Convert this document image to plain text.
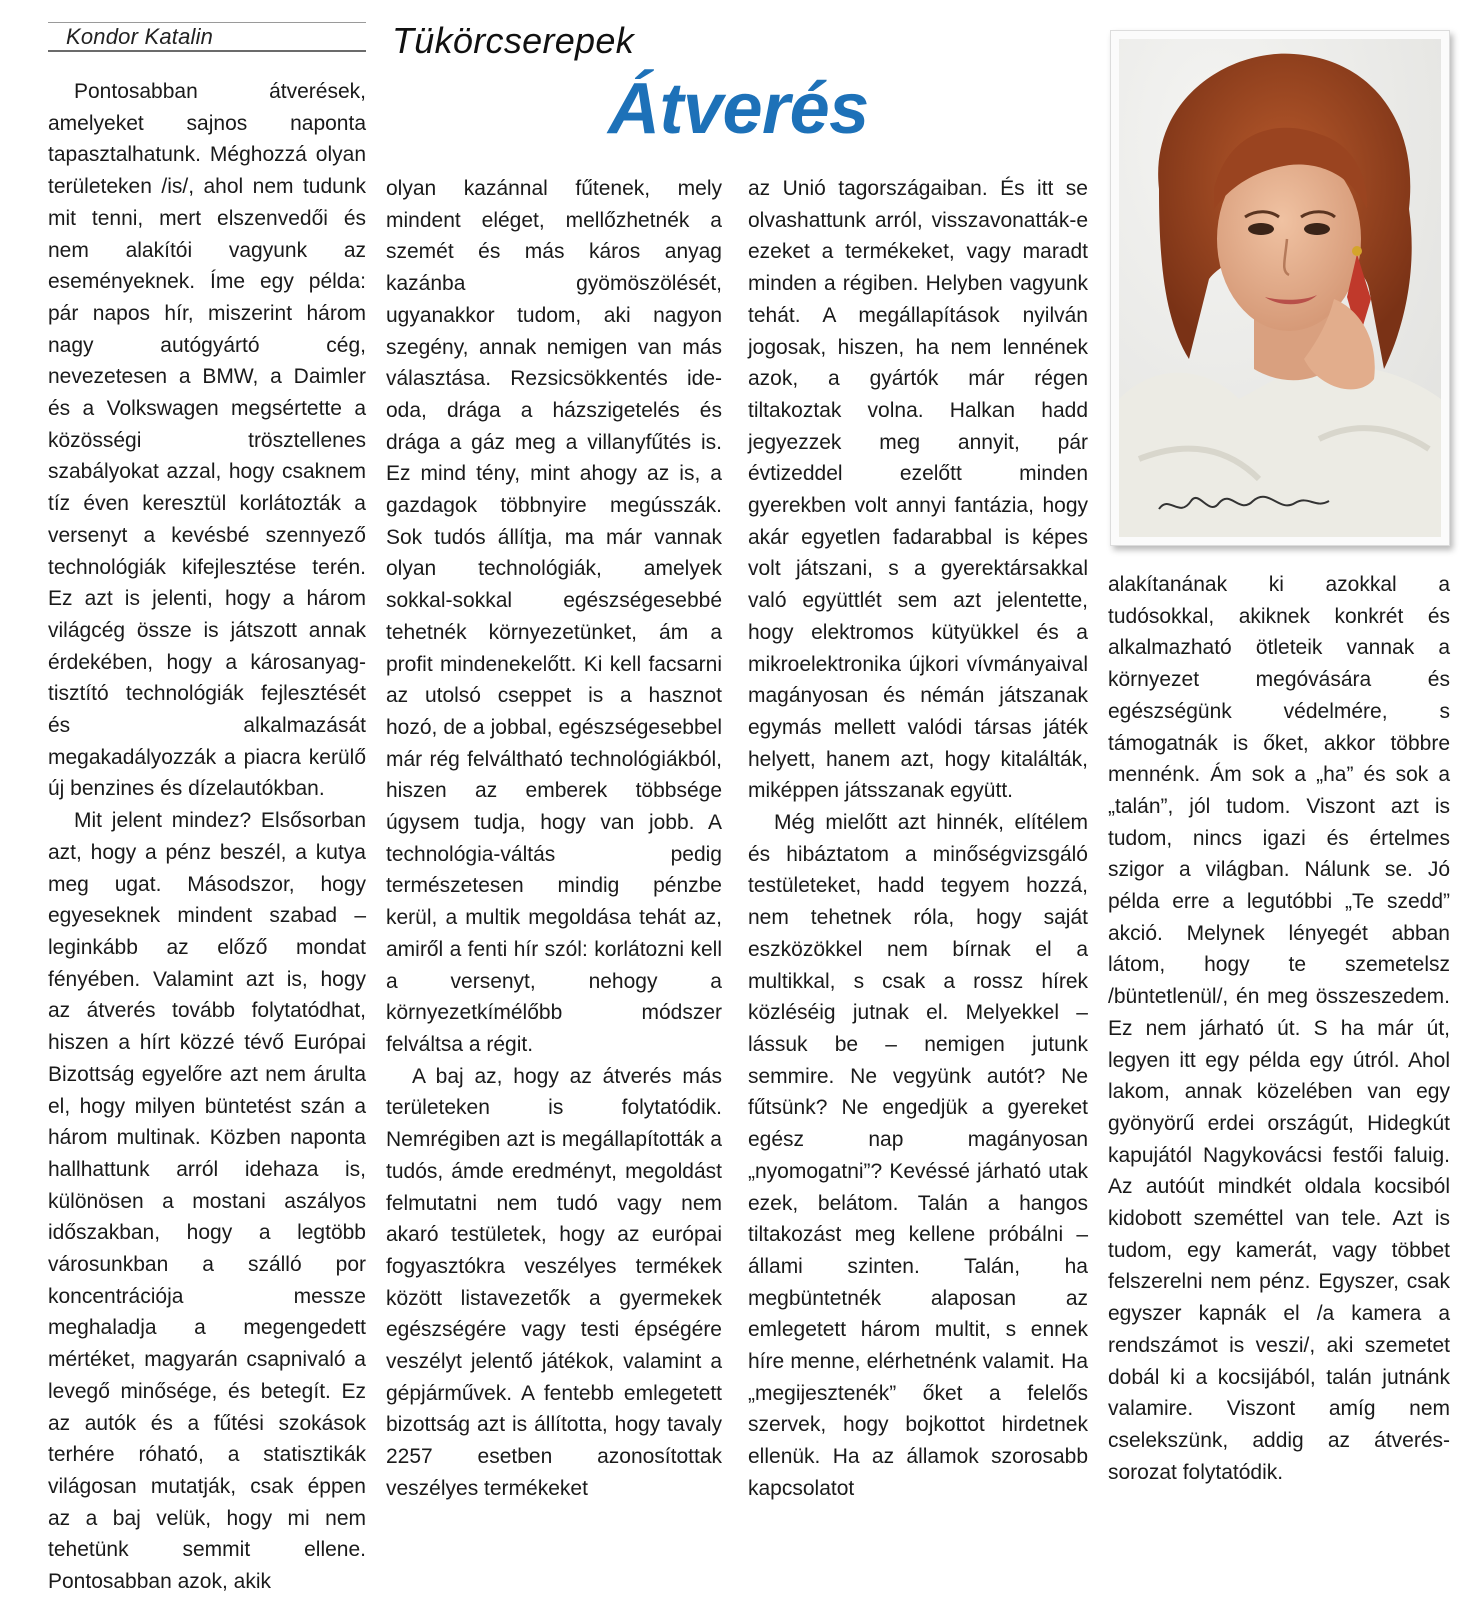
Kondor Katalin	Tükörcserepek
Átverés

Pontosabban átverések, amelyeket sajnos naponta tapasztalhatunk. Méghozzá olyan területeken /is/, ahol nem tudunk mit tenni, mert elszenvedői és nem alakítói vagyunk az eseményeknek. Íme egy példa: pár napos hír, miszerint három nagy autógyártó cég, nevezetesen a BMW, a Daimler és a Volkswagen megsértette a közösségi trösztellenes szabályokat azzal, hogy csaknem tíz éven keresztül korlátozták a versenyt a kevésbé szennyező technológiák kifejlesztése terén. Ez azt is jelenti, hogy a három világcég össze is játszott annak érdekében, hogy a károsanyag-tisztító technológiák fejlesztését és alkalmazását megakadályozzák a piacra kerülő új benzines és dízelautókban.

Mit jelent mindez? Elsősorban azt, hogy a pénz beszél, a kutya meg ugat. Másodszor, hogy egyeseknek mindent szabad – leginkább az előző mondat fényében. Valamint azt is, hogy az átverés tovább folytatódhat, hiszen a hírt közzé tévő Európai Bizottság egyelőre azt nem árulta el, hogy milyen büntetést szán a három multinak. Közben naponta hallhattunk arról idehaza is, különösen a mostani aszályos időszakban, hogy a legtöbb városunkban a szálló por koncentrációja messze meghaladja a megengedett mértéket, magyarán csapnivaló a levegő minősége, és betegít. Ez az autók és a fűtési szokások terhére róható, a statisztikák világosan mutatják, csak éppen az a baj velük, hogy mi nem tehetünk semmit ellene. Pontosabban azok, akik

olyan kazánnal fűtenek, mely mindent eléget, mellőzhetnék a szemét és más káros anyag kazánba gyömöszölését, ugyanakkor tudom, aki nagyon szegény, annak nemigen van más választása. Rezsicsökkentés ide-oda, drága a házszigetelés és drága a gáz meg a villanyfűtés is. Ez mind tény, mint ahogy az is, a gazdagok többnyire megússzák. Sok tudós állítja, ma már vannak olyan technológiák, amelyek sokkal-sokkal egészségesebbé tehetnék környezetünket, ám a profit mindenekelőtt. Ki kell facsarni az utolsó cseppet is a hasznot hozó, de a jobbal, egészségesebbel már rég felváltható technológiákból, hiszen az emberek többsége úgysem tudja, hogy van jobb. A technológia-váltás pedig természetesen mindig pénzbe kerül, a multik megoldása tehát az, amiről a fenti hír szól: korlátozni kell a versenyt, nehogy a környezetkímélőbb módszer felváltsa a régit.

A baj az, hogy az átverés más területeken is folytatódik. Nemrégiben azt is megállapították a tudós, ámde eredményt, megoldást felmutatni nem tudó vagy nem akaró testületek, hogy az európai fogyasztókra veszélyes termékek között listavezetők a gyermekek egészségére vagy testi épségére veszélyt jelentő játékok, valamint a gépjárművek. A fentebb emlegetett bizottság azt is állította, hogy tavaly 2257 esetben azonosítottak veszélyes termékeket

az Unió tagországaiban. És itt se olvashattunk arról, visszavonatták-e ezeket a termékeket, vagy maradt minden a régiben. Helyben vagyunk tehát. A megállapítások nyilván jogosak, hiszen, ha nem lennének azok, a gyártók már régen tiltakoztak volna. Halkan hadd jegyezzek meg annyit, pár évtizeddel ezelőtt minden gyerekben volt annyi fantázia, hogy akár egyetlen fadarabbal is képes volt játszani, s a gyerektársakkal való együttlét sem azt jelentette, hogy elektromos kütyükkel és a mikroelektronika újkori vívmányaival magányosan és némán játszanak egymás mellett valódi társas játék helyett, hanem azt, hogy kitalálták, miképpen játsszanak együtt.

Még mielőtt azt hinnék, elítélem és hibáztatom a minőségvizsgáló testületeket, hadd tegyem hozzá, nem tehetnek róla, hogy saját eszközökkel nem bírnak el a multikkal, s csak a rossz hírek közléséig jutnak el. Melyekkel – lássuk be – nemigen jutunk semmire. Ne vegyünk autót? Ne fűtsünk? Ne engedjük a gyereket egész nap magányosan „nyomogatni”? Kevéssé járható utak ezek, belátom. Talán a hangos tiltakozást meg kellene próbálni – állami szinten. Talán, ha megbüntetnék alaposan az emlegetett három multit, s ennek híre menne, elérhetnénk valamit. Ha „megijesztenék” őket a felelős szervek, hogy bojkottot hirdetnek ellenük. Ha az államok szorosabb kapcsolatot

alakítanának ki azokkal a tudósokkal, akiknek konkrét és alkalmazható ötleteik vannak a környezet megóvására és egészségünk védelmére, s támogatnák is őket, akkor többre mennénk. Ám sok a „ha” és sok a „talán”, jól tudom. Viszont azt is tudom, nincs igazi és értelmes szigor a világban. Nálunk se. Jó példa erre a legutóbbi „Te szedd” akció. Melynek lényegét abban látom, hogy te szemetelsz /büntetlenül/, én meg összeszedem. Ez nem járható út. S ha már út, legyen itt egy példa egy útról. Ahol lakom, annak közelében van egy gyönyörű erdei országút, Hidegkút kapujától Nagykovácsi festői faluig. Az autóút mindkét oldala kocsiból kidobott szeméttel van tele. Azt is tudom, egy kamerát, vagy többet felszerelni nem pénz. Egyszer, csak egyszer kapnák el /a kamera a rendszámot is veszi/, aki szemetet dobál ki a kocsijából, talán jutnánk valamire. Viszont amíg nem cselekszünk, addig az átverés-sorozat folytatódik.
